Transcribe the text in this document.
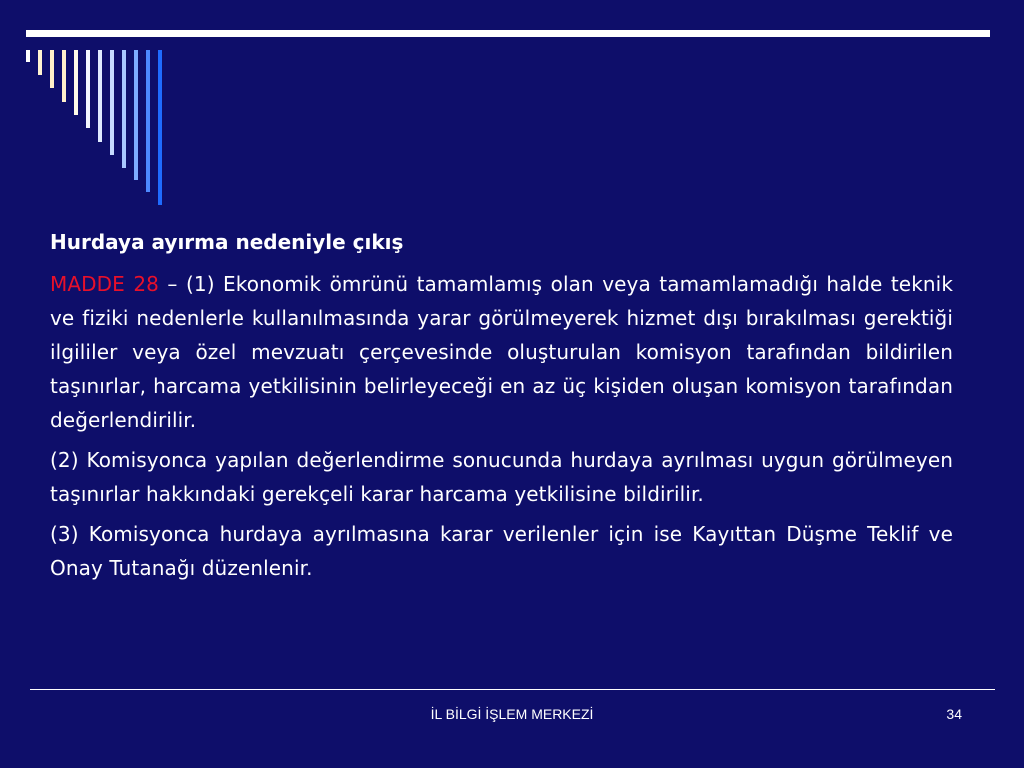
Hurdaya ayırma nedeniyle çıkış

MADDE 28 – (1) Ekonomik ömrünü tamamlamış olan veya tamamlamadığı halde teknik ve fiziki nedenlerle kullanılmasında yarar görülmeyerek hizmet dışı bırakılması gerektiği ilgililer veya özel mevzuatı çerçevesinde oluşturulan komisyon tarafından bildirilen taşınırlar, harcama yetkilisinin belirleyeceği en az üç kişiden oluşan komisyon tarafından değerlendirilir.

(2) Komisyonca yapılan değerlendirme sonucunda hurdaya ayrılması uygun görülmeyen taşınırlar hakkındaki gerekçeli karar harcama yetkilisine bildirilir.

(3) Komisyonca hurdaya ayrılmasına karar verilenler için ise Kayıttan Düşme Teklif ve Onay Tutanağı düzenlenir.

İL BİLGİ İŞLEM MERKEZİ	34
